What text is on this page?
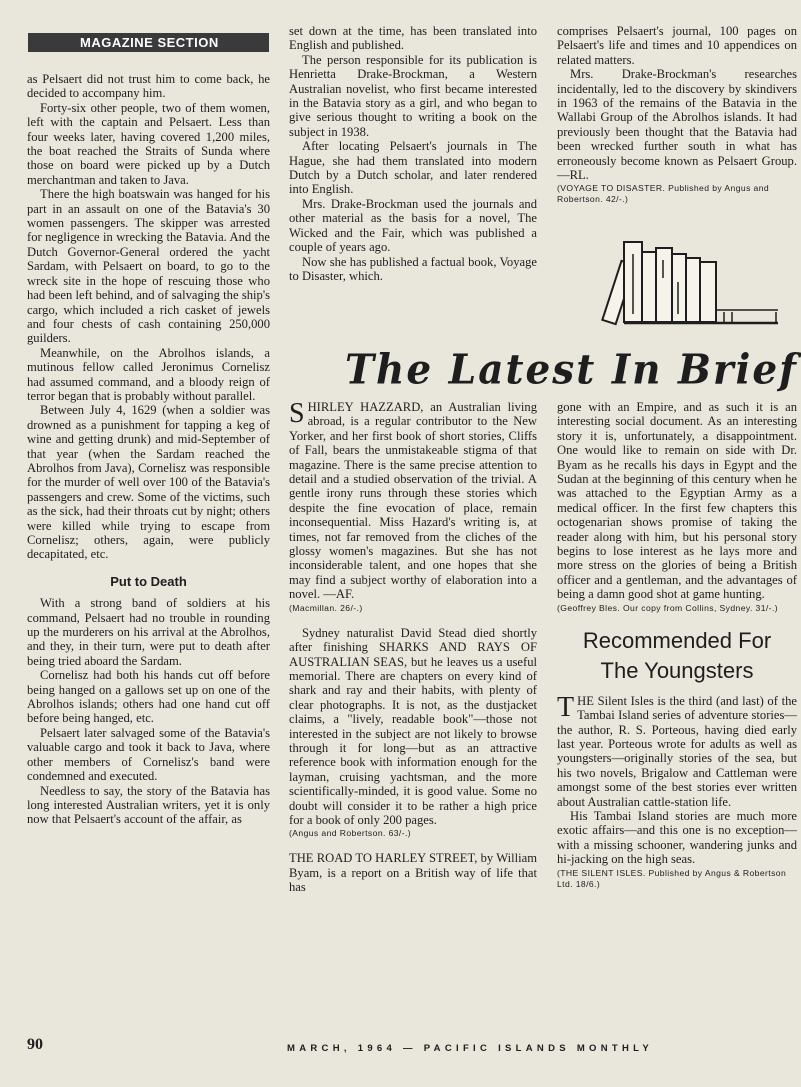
MAGAZINE SECTION

as Pelsaert did not trust him to come back, he decided to accompany him.

Forty-six other people, two of them women, left with the captain and Pelsaert. Less than four weeks later, having covered 1,200 miles, the boat reached the Straits of Sunda where those on board were picked up by a Dutch merchantman and taken to Java.

There the high boatswain was hanged for his part in an assault on one of the Batavia's 30 women passengers. The skipper was arrested for negligence in wrecking the Batavia. And the Dutch Governor-General ordered the yacht Sardam, with Pelsaert on board, to go to the wreck site in the hope of rescuing those who had been left behind, and of salvaging the ship's cargo, which included a rich casket of jewels and four chests of cash containing 250,000 guilders.

Meanwhile, on the Abrolhos islands, a mutinous fellow called Jeronimus Cornelisz had assumed command, and a bloody reign of terror began that is probably without parallel.

Between July 4, 1629 (when a soldier was drowned as a punishment for tapping a keg of wine and getting drunk) and mid-September of that year (when the Sardam reached the Abrolhos from Java), Cornelisz was responsible for the murder of well over 100 of the Batavia's passengers and crew. Some of the victims, such as the sick, had their throats cut by night; others were killed while trying to escape from Cornelisz; others, again, were publicly decapitated, etc.

Put to Death

With a strong band of soldiers at his command, Pelsaert had no trouble in rounding up the murderers on his arrival at the Abrolhos, and they, in their turn, were put to death after being tried aboard the Sardam.

Cornelisz had both his hands cut off before being hanged on a gallows set up on one of the Abrolhos islands; others had one hand cut off before being hanged, etc.

Pelsaert later salvaged some of the Batavia's valuable cargo and took it back to Java, where other members of Cornelisz's band were condemned and executed.

Needless to say, the story of the Batavia has long interested Australian writers, yet it is only now that Pelsaert's account of the affair, as

set down at the time, has been translated into English and published.

The person responsible for its publication is Henrietta Drake-Brockman, a Western Australian novelist, who first became interested in the Batavia story as a girl, and who began to give serious thought to writing a book on the subject in 1938.

After locating Pelsaert's journals in The Hague, she had them translated into modern Dutch by a Dutch scholar, and later rendered into English.

Mrs. Drake-Brockman used the journals and other material as the basis for a novel, The Wicked and the Fair, which was published a couple of years ago.

Now she has published a factual book, Voyage to Disaster, which.

comprises Pelsaert's journal, 100 pages on Pelsaert's life and times and 10 appendices on related matters.

Mrs. Drake-Brockman's researches incidentally, led to the discovery by skindivers in 1963 of the remains of the Batavia in the Wallabi Group of the Abrolhos islands. It had previously been thought that the Batavia had been wrecked further south in what has erroneously become known as Pelsaert Group.—RL.

(VOYAGE TO DISASTER. Published by Angus and Robertson. 42/-.)
The Latest In Brief

SHIRLEY HAZZARD, an Australian living abroad, is a regular contributor to the New Yorker, and her first book of short stories, Cliffs of Fall, bears the unmistakeable stigma of that magazine. There is the same precise attention to detail and a studied observation of the trivial. A gentle irony runs through these stories which despite the fine evocation of place, remain inconsequential. Miss Hazard's writing is, at times, not far removed from the cliches of the glossy women's magazines. But she has not inconsiderable talent, and one hopes that she may find a subject worthy of elaboration into a novel. —AF.

(Macmillan. 26/-.)

Sydney naturalist David Stead died shortly after finishing SHARKS AND RAYS OF AUSTRALIAN SEAS, but he leaves us a useful memorial. There are chapters on every kind of shark and ray and their habits, with plenty of clear photographs. It is not, as the dustjacket claims, a "lively, readable book"—those not interested in the subject are not likely to browse through it for long—but as an attractive reference book with information enough for the layman, cruising yachtsman, and the more scientifically-minded, it is good value. Some no doubt will consider it to be rather a high price for a book of only 200 pages.

(Angus and Robertson. 63/-.)

THE ROAD TO HARLEY STREET, by William Byam, is a report on a British way of life that has

gone with an Empire, and as such it is an interesting social document. As an interesting story it is, unfortunately, a disappointment. One would like to remain on side with Dr. Byam as he recalls his days in Egypt and the Sudan at the beginning of this century when he was attached to the Egyptian Army as a medical officer. In the first few chapters this octogenarian shows promise of taking the reader along with him, but his personal story begins to lose interest as he lays more and more stress on the glories of being a British officer and a gentleman, and the advantages of being a damn good shot at game hunting.

(Geoffrey Bles. Our copy from Collins, Sydney. 31/-.)
Recommended For
The Youngsters

THE Silent Isles is the third (and last) of the Tambai Island series of adventure stories—the author, R. S. Porteous, having died early last year. Porteous wrote for adults as well as youngsters—originally stories of the sea, but his two novels, Brigalow and Cattleman were amongst some of the best stories ever written about Australian cattle-station life.

His Tambai Island stories are much more exotic affairs—and this one is no exception—with a missing schooner, wandering junks and hi-jacking on the high seas.

(THE SILENT ISLES. Published by Angus & Robertson Ltd. 18/6.)
90	MARCH, 1964 — PACIFIC ISLANDS MONTHLY
